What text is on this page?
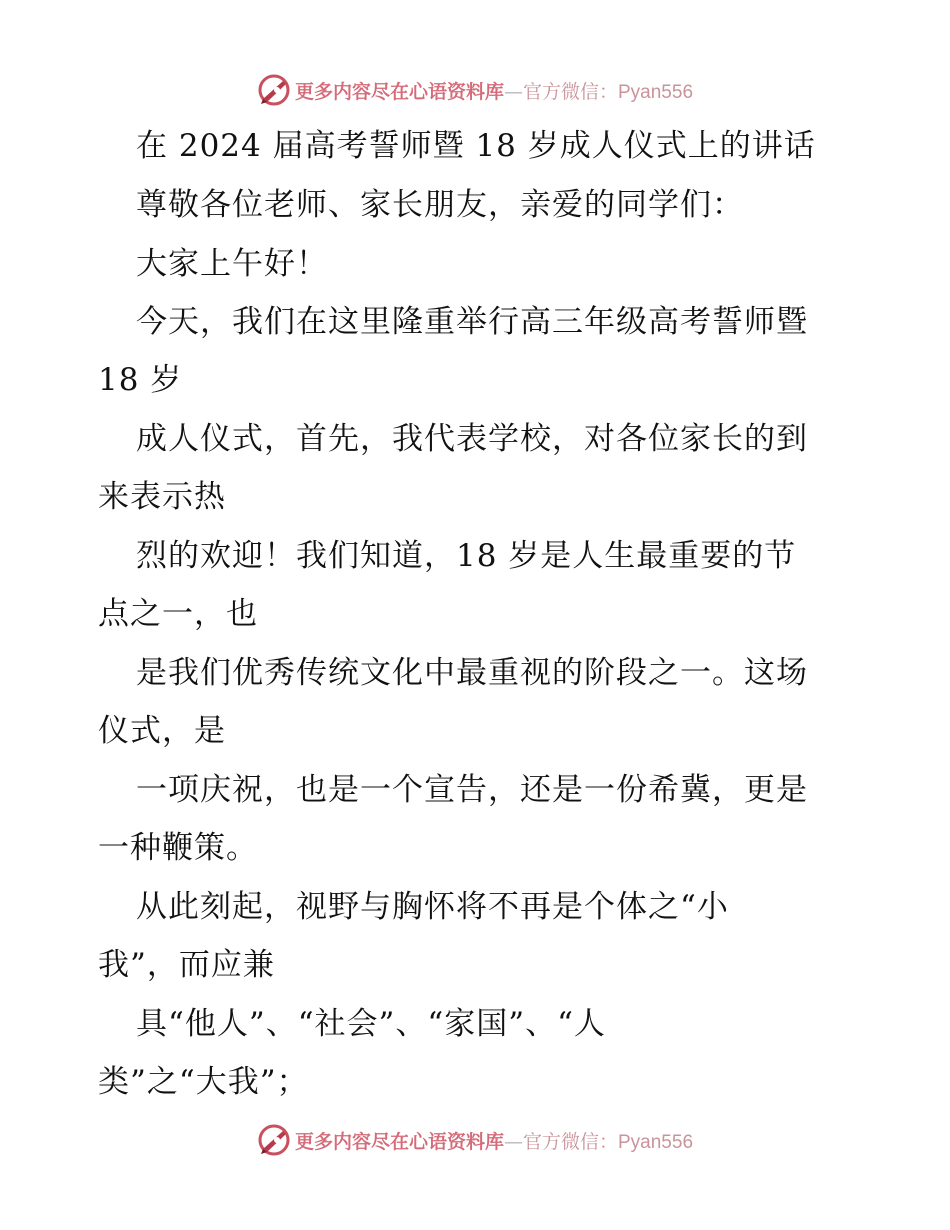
更多内容尽在心语资料库—官方微信：Pyan556
在 2024 届高考誓师暨 18 岁成人仪式上的讲话
尊敬各位老师、家长朋友，亲爱的同学们：
大家上午好！
今天，我们在这里隆重举行高三年级高考誓师暨
18 岁
成人仪式，首先，我代表学校，对各位家长的到
来表示热
烈的欢迎！我们知道，18 岁是人生最重要的节
点之一，也
是我们优秀传统文化中最重视的阶段之一。这场
仪式，是
一项庆祝，也是一个宣告，还是一份希冀，更是
一种鞭策。
从此刻起，视野与胸怀将不再是个体之“小
我”，而应兼
具“他人”、“社会”、“家国”、“人
类”之“大我”；
更多内容尽在心语资料库—官方微信：Pyan556
